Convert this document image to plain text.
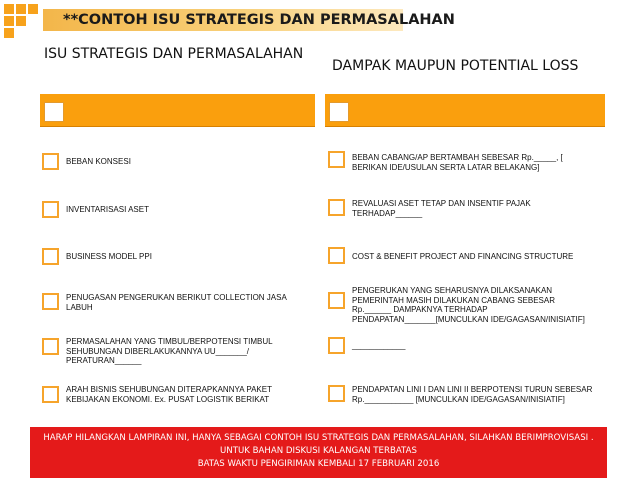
**CONTOH ISU STRATEGIS DAN PERMASALAHAN
ISU STRATEGIS DAN PERMASALAHAN
DAMPAK MAUPUN POTENTIAL LOSS
BEBAN KONSESI
INVENTARISASI ASET
BUSINESS MODEL PPI
PENUGASAN PENGERUKAN BERIKUT COLLECTION JASA
LABUH
PERMASALAHAN YANG TIMBUL/BERPOTENSI TIMBUL
SEHUBUNGAN DIBERLAKUKANNYA UU_______/
PERATURAN______
ARAH BISNIS SEHUBUNGAN DITERAPKANNYA PAKET
KEBIJAKAN EKONOMI. Ex. PUSAT LOGISTIK BERIKAT
BEBAN CABANG/AP BERTAMBAH SEBESAR Rp._____, [
BERIKAN IDE/USULAN SERTA LATAR BELAKANG]
REVALUASI ASET TETAP DAN INSENTIF PAJAK
TERHADAP______
COST & BENEFIT PROJECT AND FINANCING STRUCTURE
PENGERUKAN YANG SEHARUSNYA DILAKSANAKAN
PEMERINTAH MASIH DILAKUKAN CABANG SEBESAR
Rp.______ DAMPAKNYA TERHADAP
PENDAPATAN_______[MUNCULKAN IDE/GAGASAN/INISIATIF]
____________
PENDAPATAN LINI I DAN LINI II BERPOTENSI TURUN SEBESAR
Rp.___________ [MUNCULKAN IDE/GAGASAN/INISIATIF]
HARAP HILANGKAN LAMPIRAN INI, HANYA SEBAGAI CONTOH ISU STRATEGIS DAN PERMASALAHAN, SILAHKAN BERIMPROVISASI .
UNTUK BAHAN DISKUSI KALANGAN TERBATAS
BATAS WAKTU PENGIRIMAN KEMBALI 17 FEBRUARI 2016
